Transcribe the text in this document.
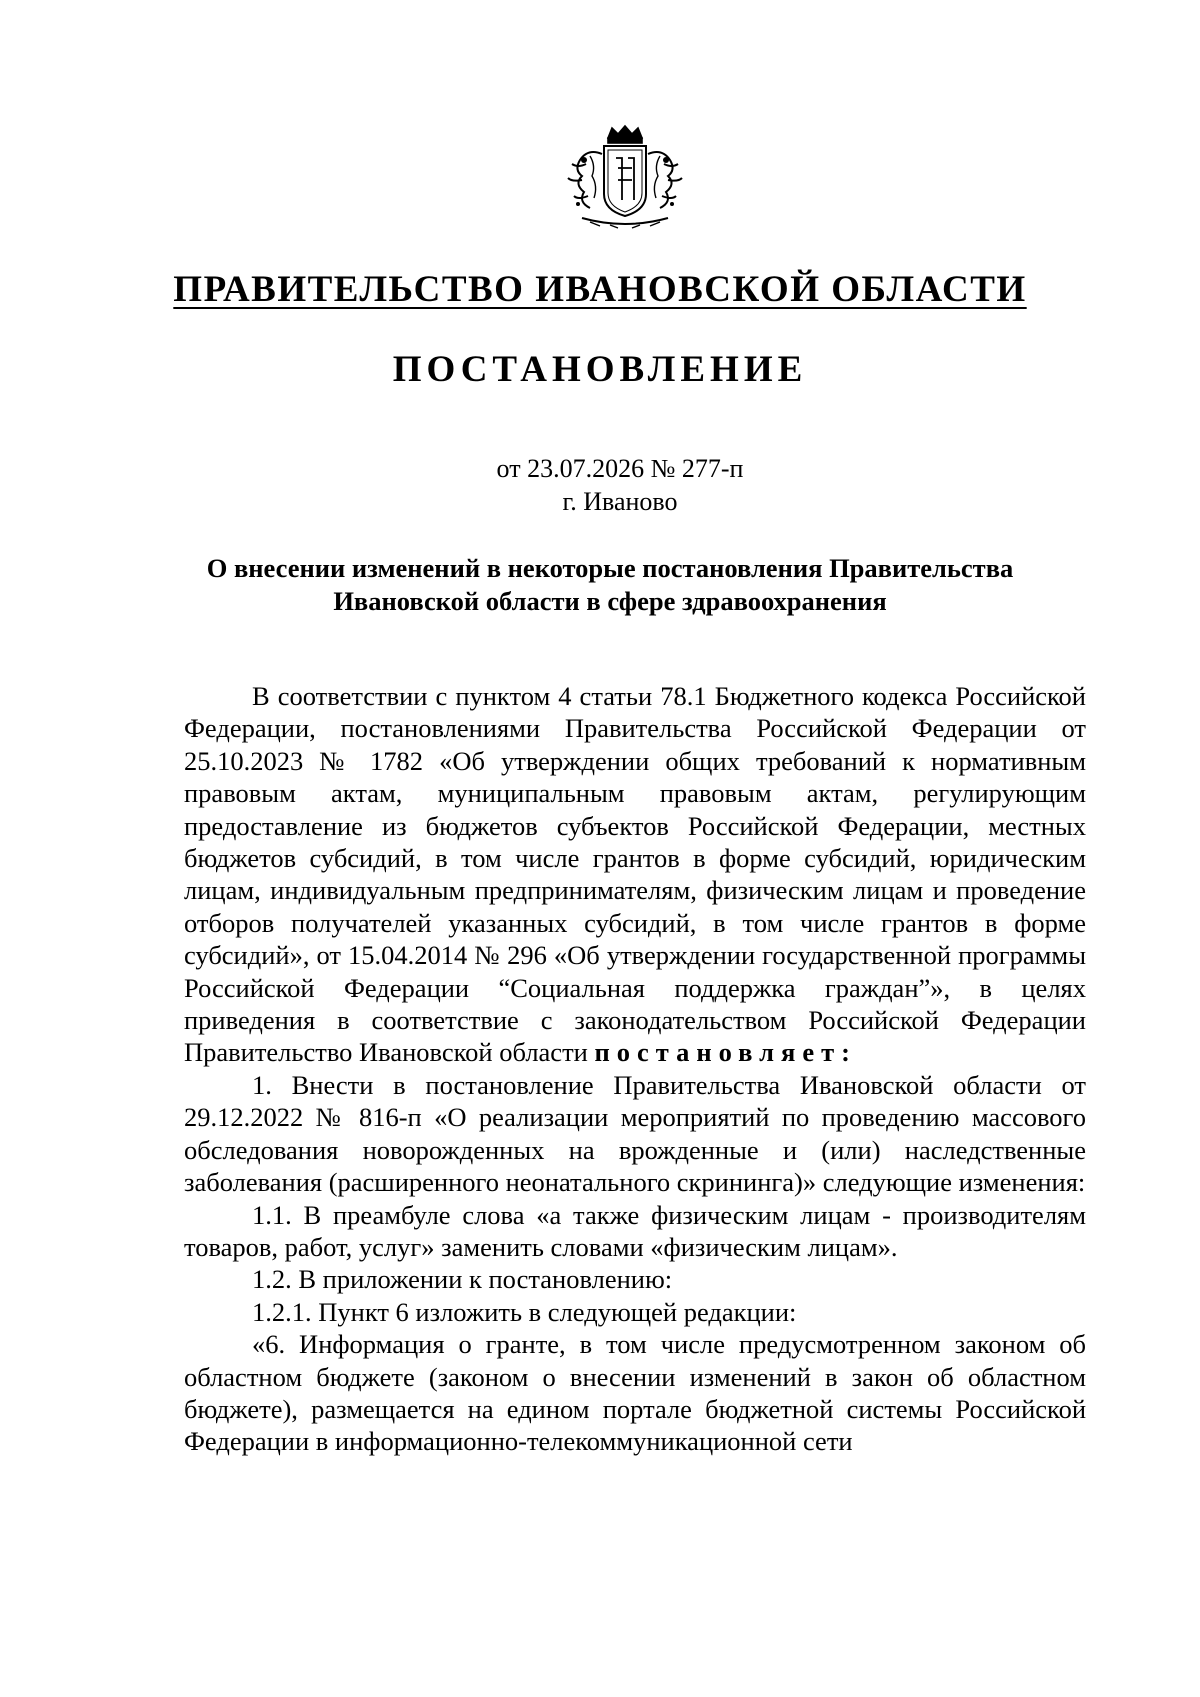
ПРАВИТЕЛЬСТВО ИВАНОВСКОЙ ОБЛАСТИ
ПОСТАНОВЛЕНИЕ
от 23.07.2026 № 277-п
г. Иваново
О внесении изменений в некоторые постановления Правительства
Ивановской области в сфере здравоохранения

В соответствии с пунктом 4 статьи 78.1 Бюджетного кодекса Российской Федерации, постановлениями Правительства Российской Федерации от 25.10.2023 № 1782 «Об утверждении общих требований к нормативным правовым актам, муниципальным правовым актам, регулирующим предоставление из бюджетов субъектов Российской Федерации, местных бюджетов субсидий, в том числе грантов в форме субсидий, юридическим лицам, индивидуальным предпринимателям, физическим лицам и проведение отборов получателей указанных субсидий, в том числе грантов в форме субсидий», от 15.04.2014 № 296 «Об утверждении государственной программы Российской Федерации “Социальная поддержка граждан”», в целях приведения в соответствие с законодательством Российской Федерации Правительство Ивановской области постановляет:

1. Внести в постановление Правительства Ивановской области от 29.12.2022 № 816-п «О реализации мероприятий по проведению массового обследования новорожденных на врожденные и (или) наследственные заболевания (расширенного неонатального скрининга)» следующие изменения:

1.1. В преамбуле слова «а также физическим лицам - производителям товаров, работ, услуг» заменить словами «физическим лицам».

1.2. В приложении к постановлению:

1.2.1. Пункт 6 изложить в следующей редакции:

«6. Информация о гранте, в том числе предусмотренном законом об областном бюджете (законом о внесении изменений в закон об областном бюджете), размещается на едином портале бюджетной системы Российской Федерации в информационно-телекоммуникационной сети
